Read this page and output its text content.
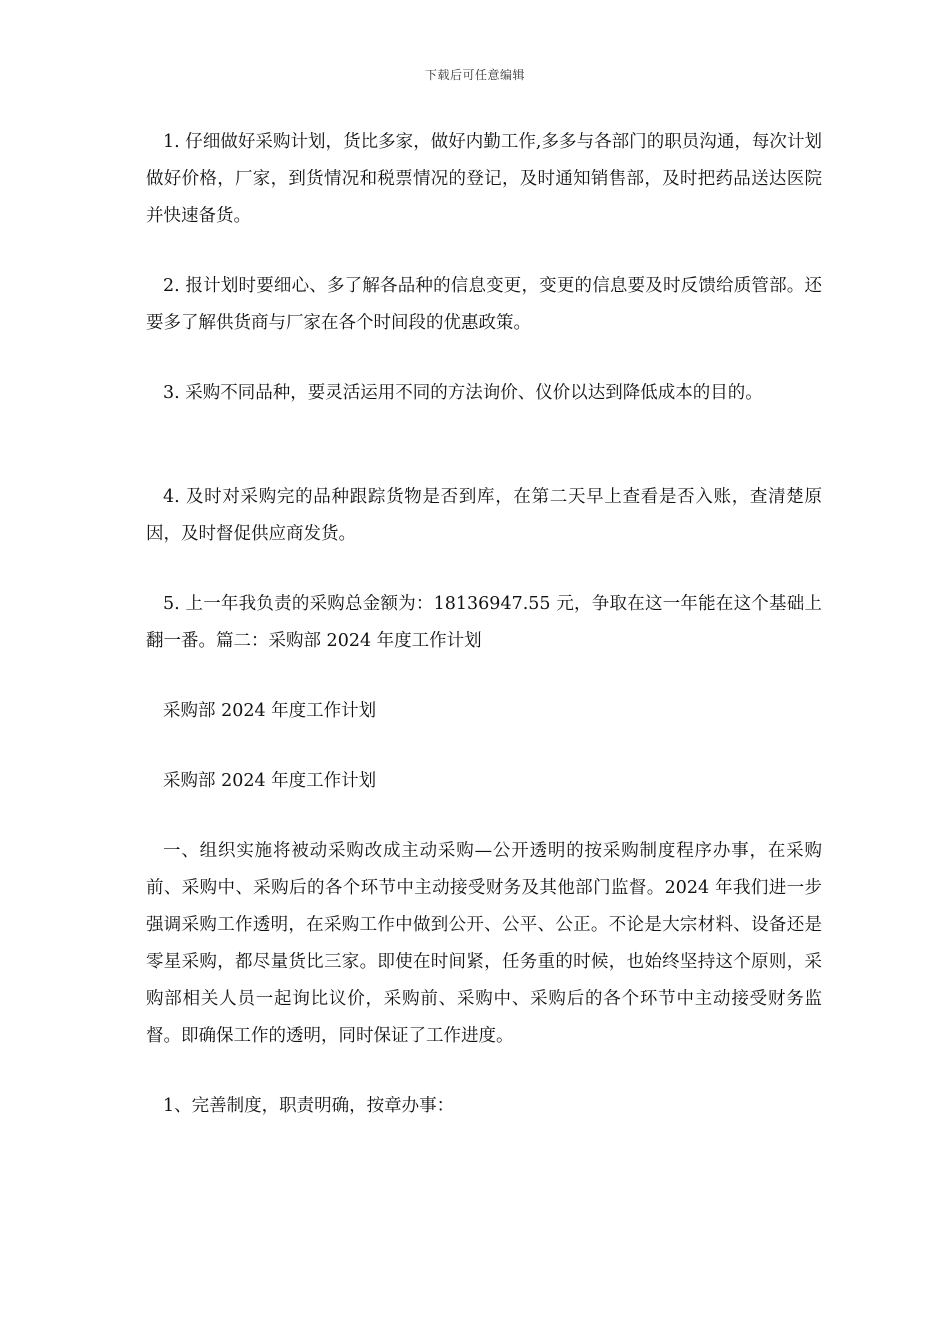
下载后可任意编辑

1. 仔细做好采购计划，货比多家，做好内勤工作,多多与各部门的职员沟通，每次计划做好价格，厂家，到货情况和税票情况的登记，及时通知销售部，及时把药品送达医院并快速备货。

2. 报计划时要细心、多了解各品种的信息变更，变更的信息要及时反馈给质管部。还要多了解供货商与厂家在各个时间段的优惠政策。

3. 采购不同品种，要灵活运用不同的方法询价、仪价以达到降低成本的目的。

4. 及时对采购完的品种跟踪货物是否到库，在第二天早上查看是否入账，查清楚原因，及时督促供应商发货。

5. 上一年我负责的采购总金额为：18136947.55 元，争取在这一年能在这个基础上翻一番。篇二：采购部 2024 年度工作计划

采购部 2024 年度工作计划

采购部 2024 年度工作计划

一、组织实施将被动采购改成主动采购—公开透明的按采购制度程序办事，在采购前、采购中、采购后的各个环节中主动接受财务及其他部门监督。2024 年我们进一步强调采购工作透明，在采购工作中做到公开、公平、公正。不论是大宗材料、设备还是零星采购，都尽量货比三家。即使在时间紧，任务重的时候，也始终坚持这个原则，采购部相关人员一起询比议价，采购前、采购中、采购后的各个环节中主动接受财务监督。即确保工作的透明，同时保证了工作进度。

1、完善制度，职责明确，按章办事：
